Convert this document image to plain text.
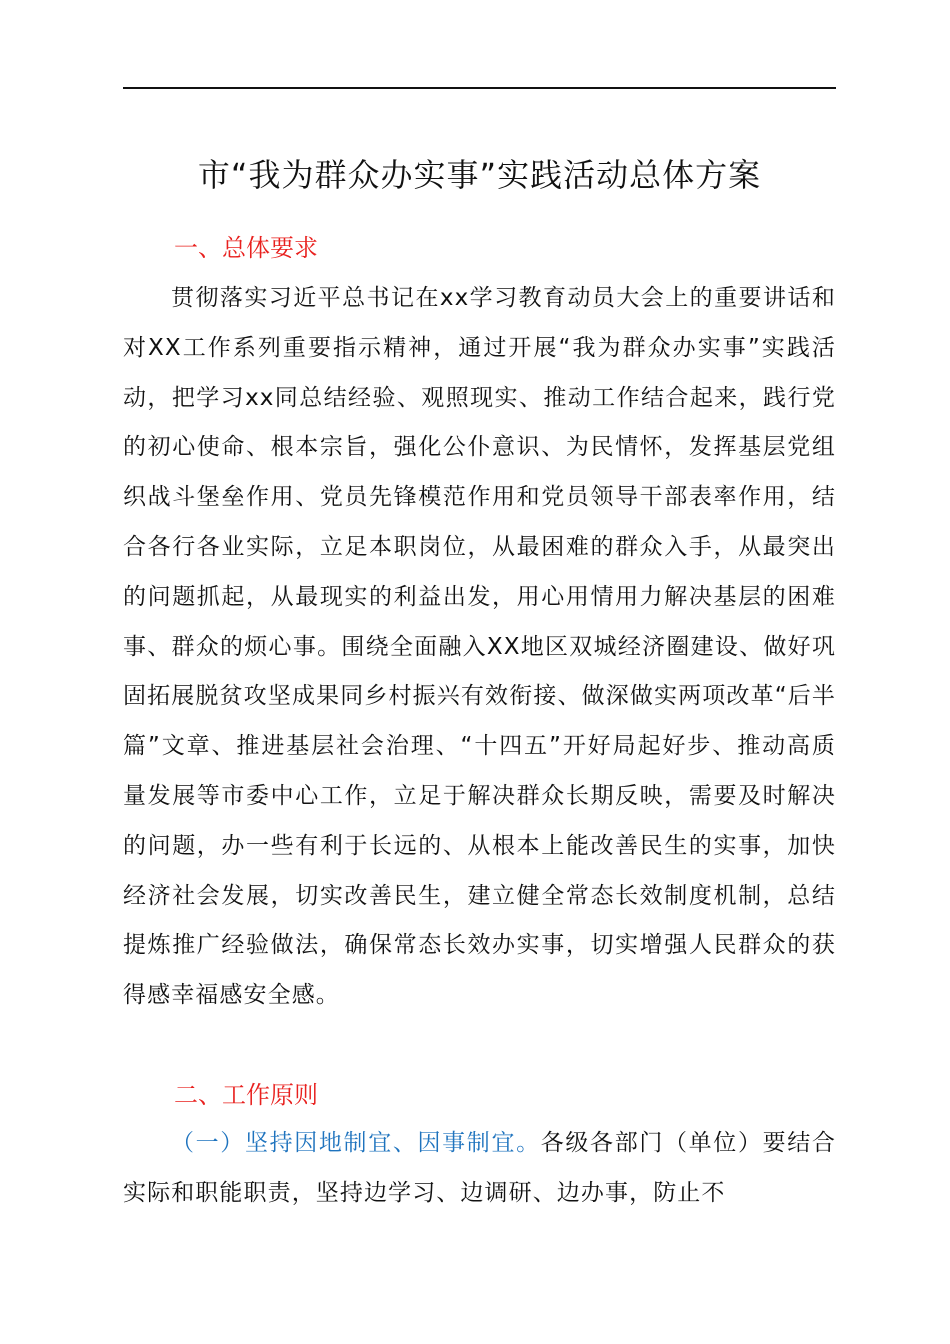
市“我为群众办实事”实践活动总体方案
一、总体要求

贯彻落实习近平总书记在xx学习教育动员大会上的重要讲话和对XX工作系列重要指示精神，通过开展“我为群众办实事”实践活动，把学习xx同总结经验、观照现实、推动工作结合起来，践行党的初心使命、根本宗旨，强化公仆意识、为民情怀，发挥基层党组织战斗堡垒作用、党员先锋模范作用和党员领导干部表率作用，结合各行各业实际，立足本职岗位，从最困难的群众入手，从最突出的问题抓起，从最现实的利益出发，用心用情用力解决基层的困难事、群众的烦心事。围绕全面融入XX地区双城经济圈建设、做好巩固拓展脱贫攻坚成果同乡村振兴有效衔接、做深做实两项改革“后半篇”文章、推进基层社会治理、“十四五”开好局起好步、推动高质量发展等市委中心工作，立足于解决群众长期反映，需要及时解决的问题，办一些有利于长远的、从根本上能改善民生的实事，加快经济社会发展，切实改善民生，建立健全常态长效制度机制，总结提炼推广经验做法，确保常态长效办实事，切实增强人民群众的获得感幸福感安全感。

二、工作原则

（一）坚持因地制宜、因事制宜。各级各部门（单位）要结合实际和职能职责，坚持边学习、边调研、边办事，防止不
